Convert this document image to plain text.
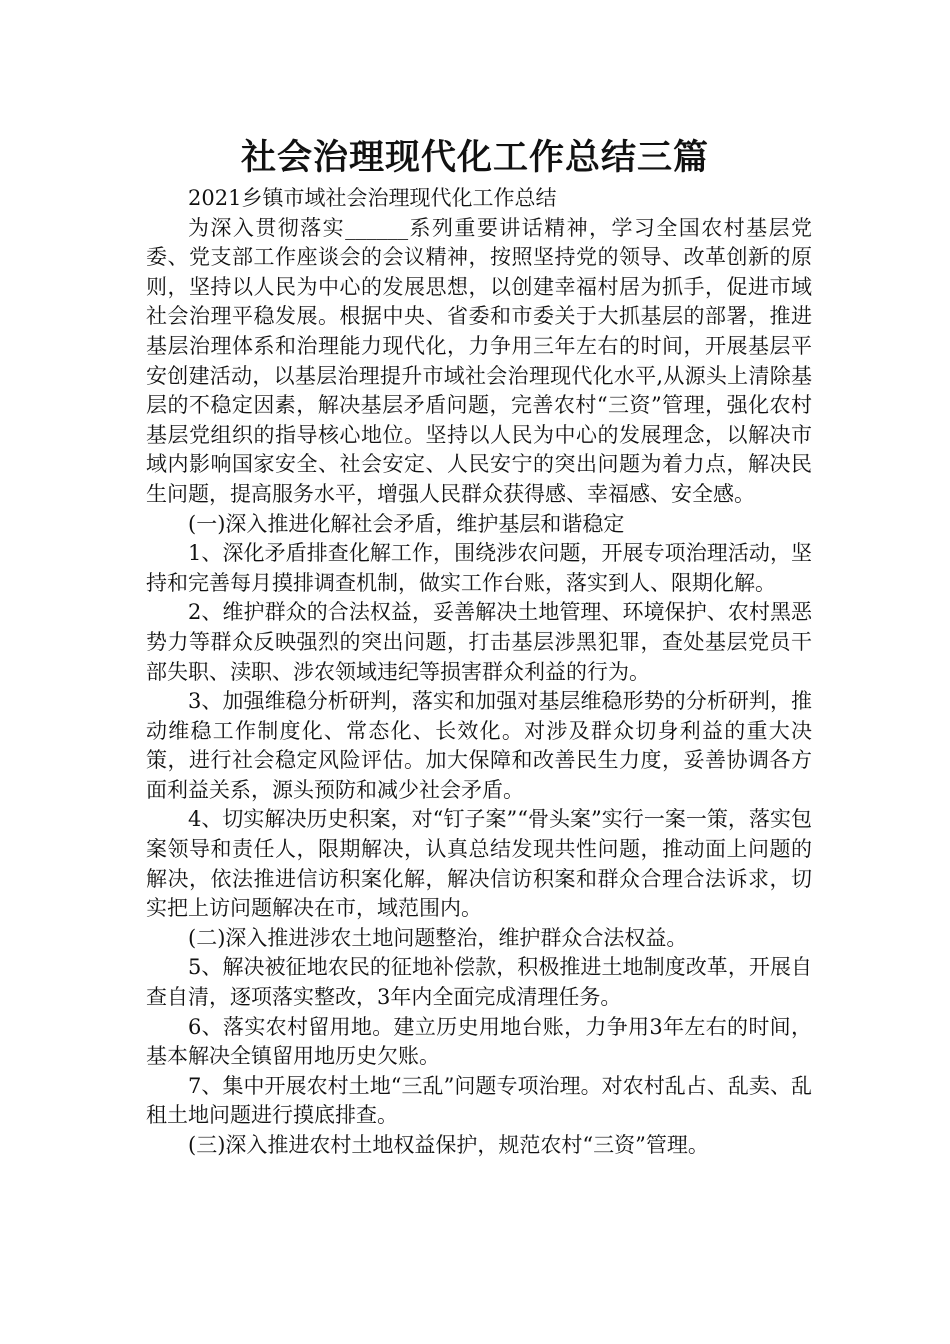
社会治理现代化工作总结三篇

2021乡镇市域社会治理现代化工作总结

为深入贯彻落实______系列重要讲话精神，学习全国农村基层党委、党支部工作座谈会的会议精神，按照坚持党的领导、改革创新的原则，坚持以人民为中心的发展思想，以创建幸福村居为抓手，促进市域社会治理平稳发展。根据中央、省委和市委关于大抓基层的部署，推进基层治理体系和治理能力现代化，力争用三年左右的时间，开展基层平安创建活动，以基层治理提升市域社会治理现代化水平,从源头上清除基层的不稳定因素，解决基层矛盾问题，完善农村“三资”管理，强化农村基层党组织的指导核心地位。坚持以人民为中心的发展理念，以解决市域内影响国家安全、社会安定、人民安宁的突出问题为着力点，解决民生问题，提高服务水平，增强人民群众获得感、幸福感、安全感。

(一)深入推进化解社会矛盾，维护基层和谐稳定

1、深化矛盾排查化解工作，围绕涉农问题，开展专项治理活动，坚持和完善每月摸排调查机制，做实工作台账，落实到人、限期化解。

2、维护群众的合法权益，妥善解决土地管理、环境保护、农村黑恶势力等群众反映强烈的突出问题，打击基层涉黑犯罪，查处基层党员干部失职、渎职、涉农领域违纪等损害群众利益的行为。

3、加强维稳分析研判，落实和加强对基层维稳形势的分析研判，推动维稳工作制度化、常态化、长效化。对涉及群众切身利益的重大决策，进行社会稳定风险评估。加大保障和改善民生力度，妥善协调各方面利益关系，源头预防和减少社会矛盾。

4、切实解决历史积案，对“钉子案”“骨头案”实行一案一策，落实包案领导和责任人，限期解决，认真总结发现共性问题，推动面上问题的解决，依法推进信访积案化解，解决信访积案和群众合理合法诉求，切实把上访问题解决在市，域范围内。

(二)深入推进涉农土地问题整治，维护群众合法权益。

5、解决被征地农民的征地补偿款，积极推进土地制度改革，开展自查自清，逐项落实整改，3年内全面完成清理任务。

6、落实农村留用地。建立历史用地台账，力争用3年左右的时间，基本解决全镇留用地历史欠账。

7、集中开展农村土地“三乱”问题专项治理。对农村乱占、乱卖、乱租土地问题进行摸底排查。

(三)深入推进农村土地权益保护，规范农村“三资”管理。
